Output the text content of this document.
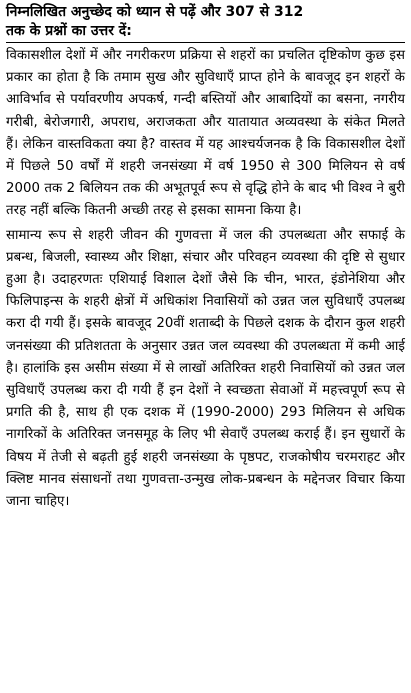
निम्नलिखित अनुच्छेद को ध्यान से पढ़ें और 307 से 312
तक के प्रश्नों का उत्तर दें:

विकासशील देशों में और नगरीकरण प्रक्रिया से शहरों का प्रचलित दृष्टिकोण कुछ इस प्रकार का होता है कि तमाम सुख और सुविधाएँ प्राप्त होने के बावजूद इन शहरों के आविर्भाव से पर्यावरणीय अपकर्ष, गन्दी बस्तियों और आबादियों का बसना, नगरीय गरीबी, बेरोजगारी, अपराध, अराजकता और यातायात अव्यवस्था के संकेत मिलते हैं। लेकिन वास्तविकता क्या है? वास्तव में यह आश्चर्यजनक है कि विकासशील देशों में पिछले 50 वर्षों में शहरी जनसंख्या में वर्ष 1950 से 300 मिलियन से वर्ष 2000 तक 2 बिलियन तक की अभूतपूर्व रूप से वृद्धि होने के बाद भी विश्व ने बुरी तरह नहीं बल्कि कितनी अच्छी तरह से इसका सामना किया है।

सामान्य रूप से शहरी जीवन की गुणवत्ता में जल की उपलब्धता और सफाई के प्रबन्ध, बिजली, स्वास्थ्य और शिक्षा, संचार और परिवहन व्यवस्था की दृष्टि से सुधार हुआ है। उदाहरणतः एशियाई विशाल देशों जैसे कि चीन, भारत, इंडोनेशिया और फिलिपाइन्स के शहरी क्षेत्रों में अधिकांश निवासियों को उन्नत जल सुविधाएँ उपलब्ध करा दी गयी हैं। इसके बावजूद 20वीं शताब्दी के पिछले दशक के दौरान कुल शहरी जनसंख्या की प्रतिशतता के अनुसार उन्नत जल व्यवस्था की उपलब्धता में कमी आई है। हालांकि इस असीम संख्या में से लाखों अतिरिक्त शहरी निवासियों को उन्नत जल सुविधाएँ उपलब्ध करा दी गयी हैं इन देशों ने स्वच्छता सेवाओं में महत्त्वपूर्ण रूप से प्रगति की है, साथ ही एक दशक में (1990-2000) 293 मिलियन से अधिक नागरिकों के अतिरिक्त जनसमूह के लिए भी सेवाएँ उपलब्ध कराई हैं। इन सुधारों के विषय में तेजी से बढ़ती हुई शहरी जनसंख्या के पृष्ठपट, राजकोषीय चरमराहट और क्लिष्ट मानव संसाधनों तथा गुणवत्ता-उन्मुख लोक-प्रबन्धन के मद्देनजर विचार किया जाना चाहिए।
